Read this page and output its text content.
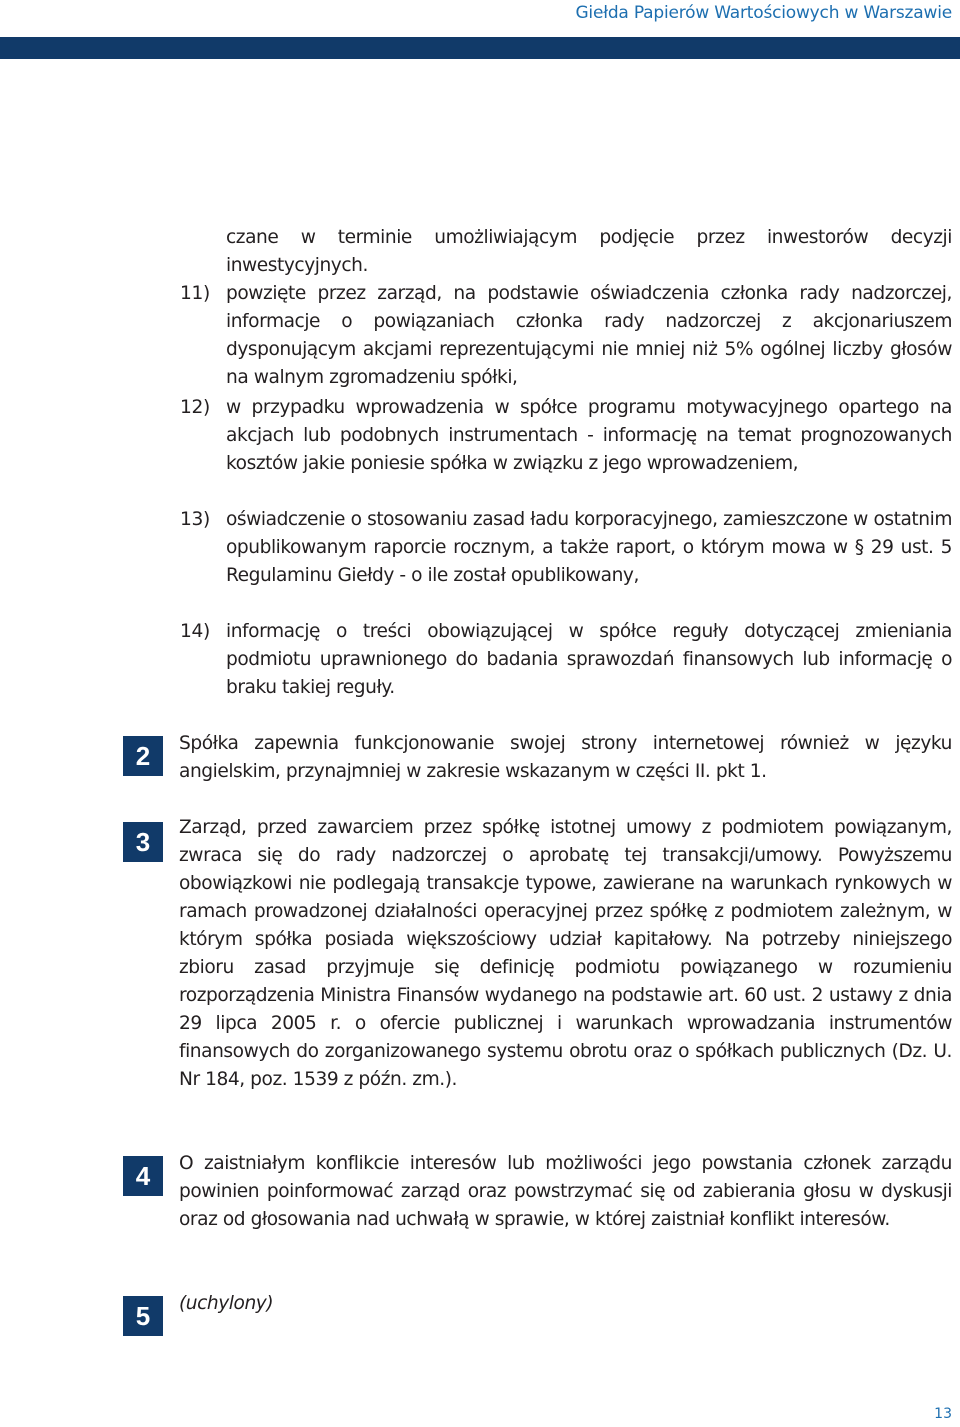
Giełda Papierów Wartościowych w Warszawie
czane w terminie umożliwiającym podjęcie przez inwestorów decyzji inwestycyjnych.
11) powzięte przez zarząd, na podstawie oświadczenia członka rady nadzorczej, informacje o powiązaniach członka rady nadzorczej z akcjonariuszem dysponującym akcjami reprezentującymi nie mniej niż 5% ogólnej liczby głosów na walnym zgromadzeniu spółki,
12) w przypadku wprowadzenia w spółce programu motywacyjnego opartego na akcjach lub podobnych instrumentach - informację na temat prognozowanych kosztów jakie poniesie spółka w związku z jego wprowadzeniem,
13) oświadczenie o stosowaniu zasad ładu korporacyjnego, zamieszczone w ostatnim opublikowanym raporcie rocznym, a także raport, o którym mowa w § 29 ust. 5 Regulaminu Giełdy - o ile został opublikowany,
14) informację o treści obowiązującej w spółce reguły dotyczącej zmieniania podmiotu uprawnionego do badania sprawozdań finansowych lub informację o braku takiej reguły.
2	Spółka zapewnia funkcjonowanie swojej strony internetowej również w języku angielskim, przynajmniej w zakresie wskazanym w części II. pkt 1.
3	Zarząd, przed zawarciem przez spółkę istotnej umowy z podmiotem powiązanym, zwraca się do rady nadzorczej o aprobatę tej transakcji/umowy. Powyższemu obowiązkowi nie podlegają transakcje typowe, zawierane na warunkach rynkowych w ramach prowadzonej działalności operacyjnej przez spółkę z podmiotem zależnym, w którym spółka posiada większościowy udział kapitałowy. Na potrzeby niniejszego zbioru zasad przyjmuje się definicję podmiotu powiązanego w rozumieniu rozporządzenia Ministra Finansów wydanego na podstawie art. 60 ust. 2 ustawy z dnia 29 lipca 2005 r. o ofercie publicznej i warunkach wprowadzania instrumentów finansowych do zorganizowanego systemu obrotu oraz o spółkach publicznych (Dz. U. Nr 184, poz. 1539 z późn. zm.).
4	O zaistniałym konflikcie interesów lub możliwości jego powstania członek zarządu powinien poinformować zarząd oraz powstrzymać się od zabierania głosu w dyskusji oraz od głosowania nad uchwałą w sprawie, w której zaistniał konflikt interesów.
5	(uchylony)
13
